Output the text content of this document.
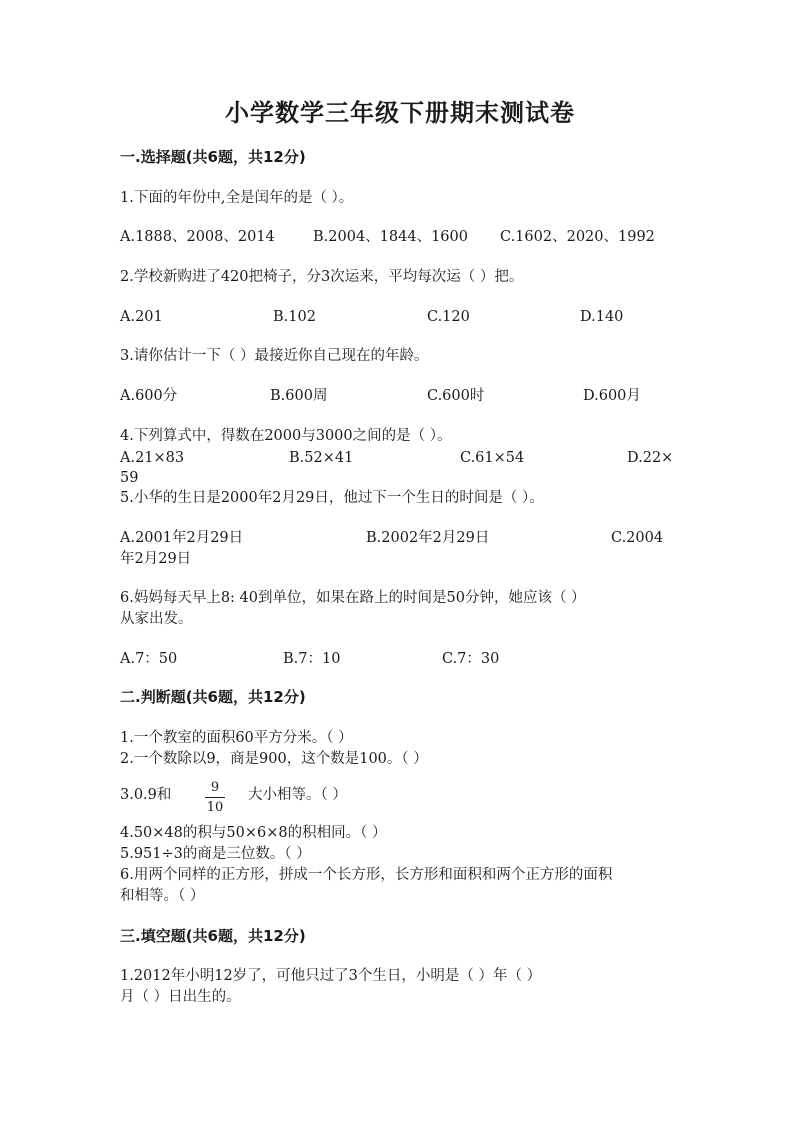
小学数学三年级下册期末测试卷
一.选择题(共6题，共12分)
1.下面的年份中,全是闰年的是（ ）。
A.1888、2008、2014	B.2004、1844、1600 C.1602、2020、1992
2.学校新购进了420把椅子，分3次运来，平均每次运（ ）把。
A.201	B.102	C.120	D.140
3.请你估计一下（ ）最接近你自己现在的年龄。
A.600分	B.600周	C.600时	D.600月
4.下列算式中，得数在2000与3000之间的是（ ）。
A.21×83	B.52×41	C.61×54	D.22×
59
5.小华的生日是2000年2月29日，他过下一个生日的时间是（ ）。
A.2001年2月29日	B.2002年2月29日	C.2004
年2月29日
6.妈妈每天早上8: 40到单位，如果在路上的时间是50分钟，她应该（ ）
从家出发。
A.7：50	B.7：10	C.7：30
二.判断题(共6题，共12分)
1.一个教室的面积60平方分米。（ ）
2.一个数除以9，商是900，这个数是100。（ ）
3.0.9和	9
10
大小相等。（ ）
4.50×48的积与50×6×8的积相同。（ ）
5.951÷3的商是三位数。（ ）
6.用两个同样的正方形，拼成一个长方形，长方形和面积和两个正方形的面积
和相等。（ ）
三.填空题(共6题，共12分)
1.2012年小明12岁了，可他只过了3个生日，小明是（ ）年（ ）
月（ ）日出生的。
